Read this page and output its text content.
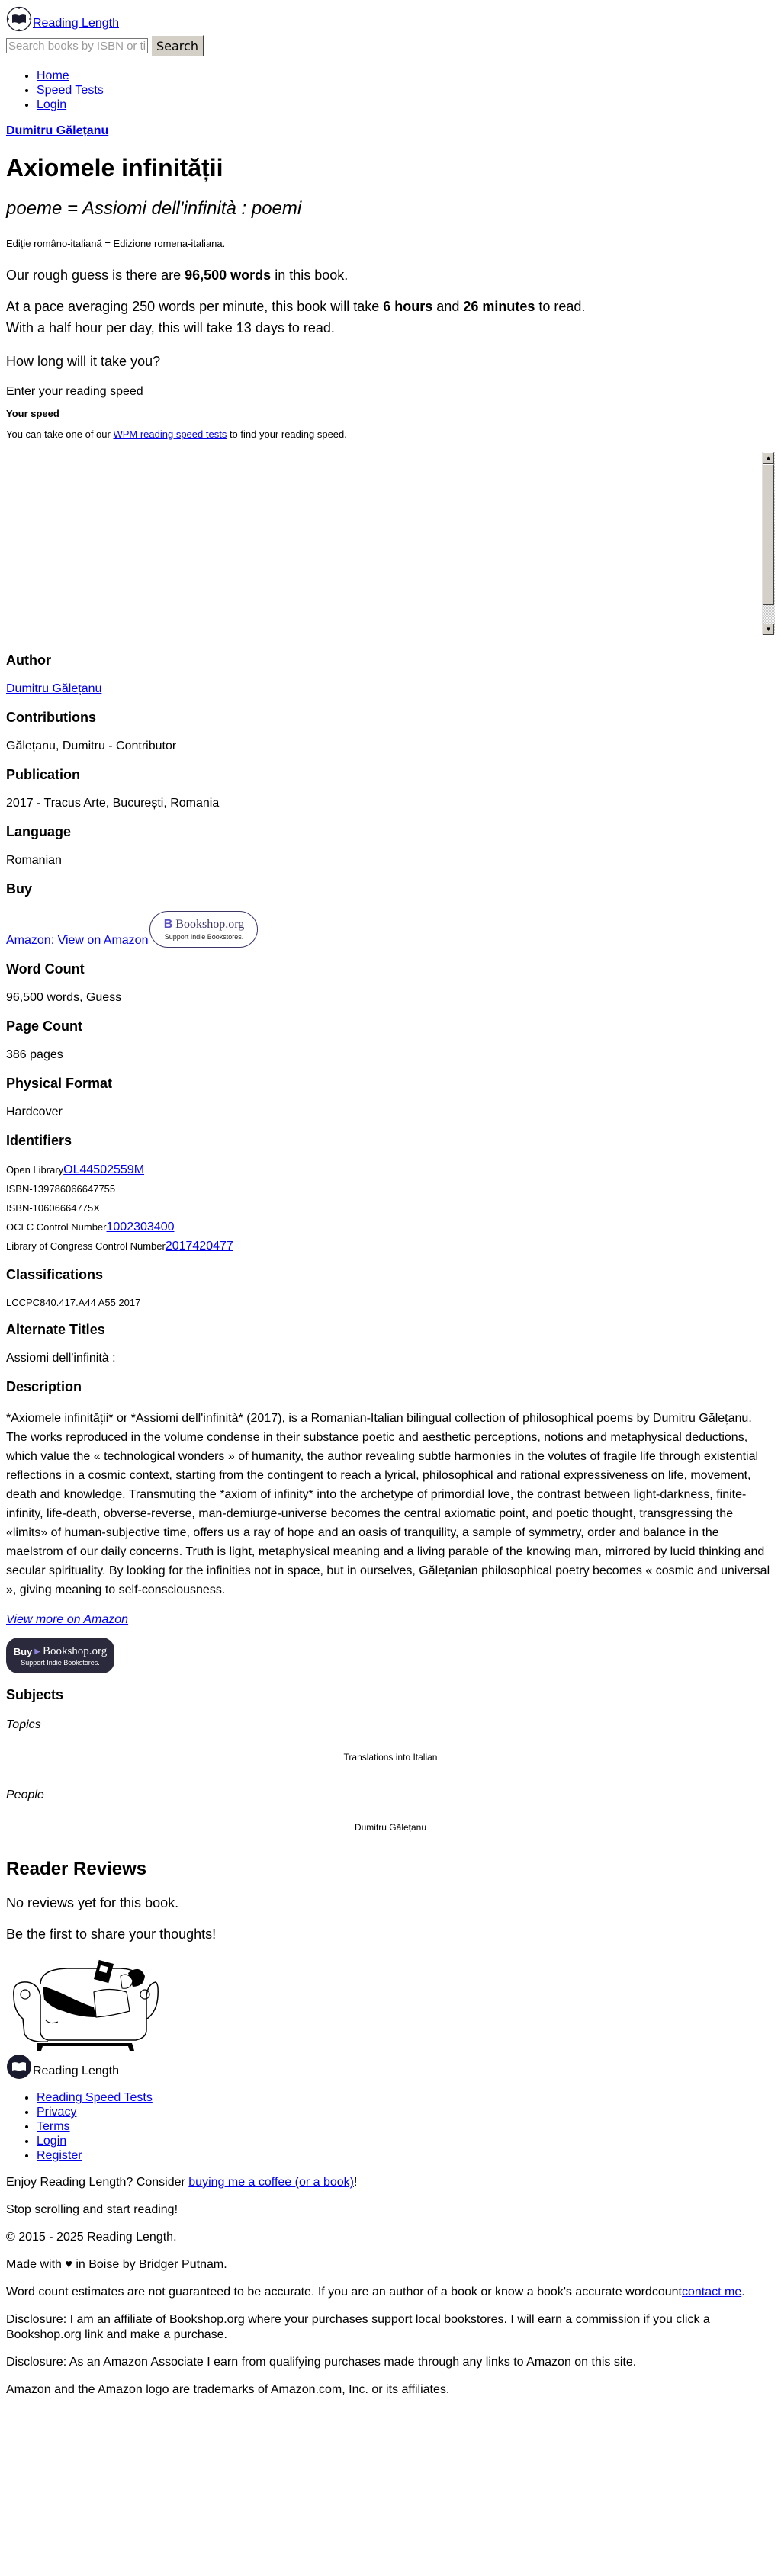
Reading Length
Search books by ISBN or title
Search
• Home
• Speed Tests
• Login
Dumitru Gălețanu
Axiomele infinității
poeme = Assiomi dell'infinità : poemi
Ediție româno-italiană = Edizione romena-italiana.

Our rough guess is there are 96,500 words in this book.

At a pace averaging 250 words per minute, this book will take 6 hours and 26 minutes to read.
With a half hour per day, this will take 13 days to read.
How long will it take you?
Enter your reading speed
Your speed
You can take one of our WPM reading speed tests to find your reading speed.
▲
▼
Author
Dumitru Gălețanu
Contributions
Gălețanu, Dumitru - Contributor
Publication
2017 - Tracus Arte, București, Romania
Language
Romanian
Buy
Amazon: View on Amazon
B Bookshop.org
Support Indie Bookstores.
Word Count
96,500 words, Guess
Page Count
386 pages
Physical Format
Hardcover
Identifiers
Open LibraryOL44502559M
ISBN-139786066647755
ISBN-10606664775X
OCLC Control Number1002303400
Library of Congress Control Number2017420477
Classifications
LCCPC840.417.A44 A55 2017
Alternate Titles
Assiomi dell'infinità :
Description
*Axiomele infinității* or *Assiomi dell'infinità* (2017), is a Romanian-Italian bilingual collection of philosophical poems by Dumitru Gălețanu. The works reproduced in the volume condense in their substance poetic and aesthetic perceptions, notions and metaphysical deductions, which value the « technological wonders » of humanity, the author revealing subtle harmonies in the volutes of fragile life through existential reflections in a cosmic context, starting from the contingent to reach a lyrical, philosophical and rational expressiveness on life, movement, death and knowledge. Transmuting the *axiom of infinity* into the archetype of primordial love, the contrast between light-darkness, finite-infinity, life-death, obverse-reverse, man-demiurge-universe becomes the central axiomatic point, and poetic thought, transgressing the «limits» of human-subjective time, offers us a ray of hope and an oasis of tranquility, a sample of symmetry, order and balance in the maelstrom of our daily concerns. Truth is light, metaphysical meaning and a living parable of the knowing man, mirrored by lucid thinking and secular spirituality. By looking for the infinities not in space, but in ourselves, Gălețanian philosophical poetry becomes « cosmic and universal », giving meaning to self-consciousness.

View more on Amazon

Buy ▶ Bookshop.org
Support Indie Bookstores.
Subjects
Topics
Translations into Italian
People
Dumitru Gălețanu
Reader Reviews

No reviews yet for this book.

Be the first to share your thoughts!

Reading Length
• Reading Speed Tests
• Privacy
• Terms
• Login
• Register

Enjoy Reading Length? Consider buying me a coffee (or a book)!

Stop scrolling and start reading!

© 2015 - 2025 Reading Length.

Made with ♥ in Boise by Bridger Putnam.

Word count estimates are not guaranteed to be accurate. If you are an author of a book or know a book's accurate wordcountcontact me.

Disclosure: I am an affiliate of Bookshop.org where your purchases support local bookstores. I will earn a commission if you click a Bookshop.org link and make a purchase.

Disclosure: As an Amazon Associate I earn from qualifying purchases made through any links to Amazon on this site.

Amazon and the Amazon logo are trademarks of Amazon.com, Inc. or its affiliates.
